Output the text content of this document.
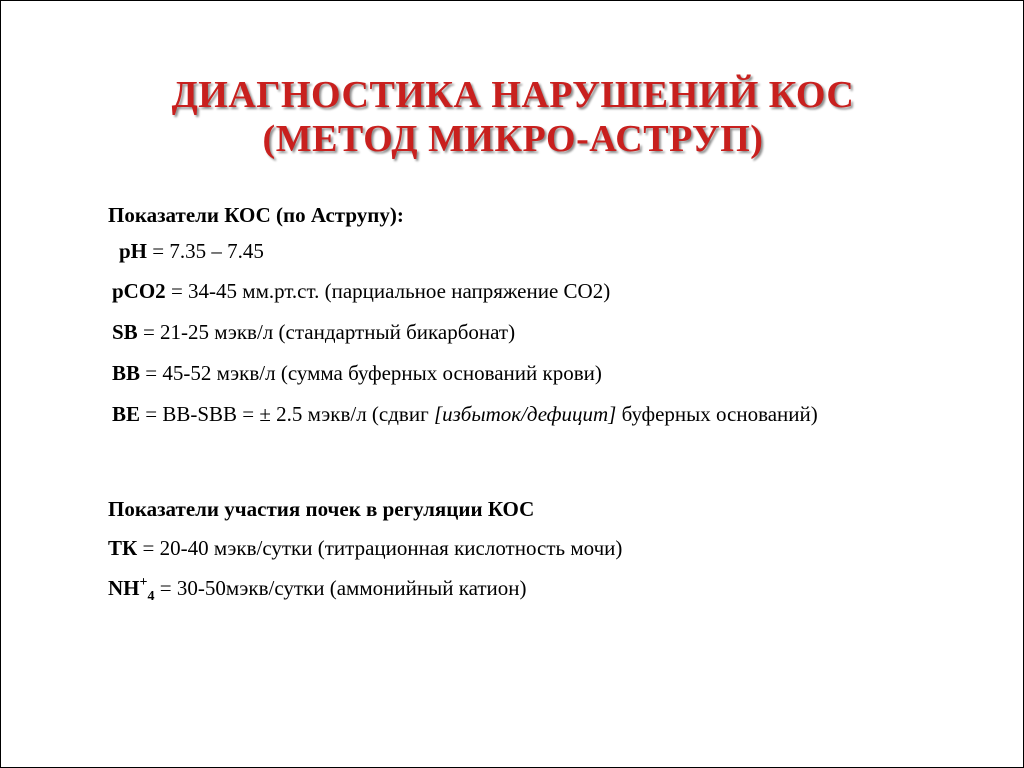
ДИАГНОСТИКА НАРУШЕНИЙ КОС
(МЕТОД МИКРО-АСТРУП)
Показатели КОС (по Аструпу):
pH = 7.35 – 7.45
pCO2 = 34-45 мм.рт.ст. (парциальное напряжение СО2)
SB = 21-25 мэкв/л (стандартный бикарбонат)
BB = 45-52 мэкв/л (сумма буферных оснований крови)
BE = BB-SBB = ± 2.5 мэкв/л (сдвиг [избыток/дефицит] буферных оснований)
Показатели участия почек в регуляции КОС
ТК = 20-40 мэкв/сутки (титрационная кислотность мочи)
$NH^+_4$ = 30-50мэкв/сутки (аммонийный катион)
